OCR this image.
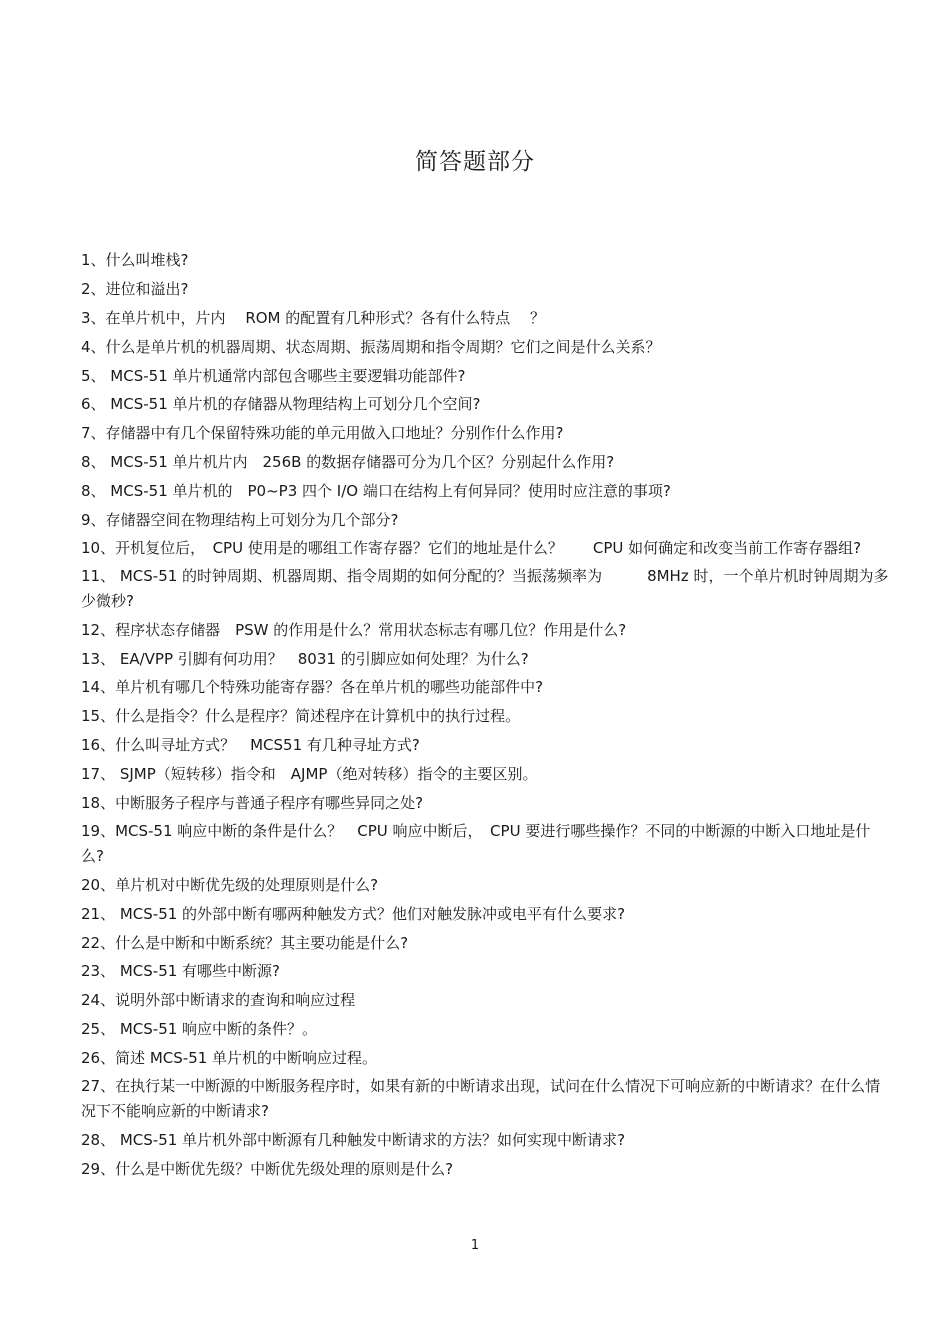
简答题部分
1、什么叫堆栈?
2、进位和溢出?
3、在单片机中，片内　 ROM 的配置有几种形式？各有什么特点　 ？
4、什么是单片机的机器周期、状态周期、振荡周期和指令周期？它们之间是什么关系？
5、 MCS-51 单片机通常内部包含哪些主要逻辑功能部件?
6、 MCS-51 单片机的存储器从物理结构上可划分几个空间?
7、存储器中有几个保留特殊功能的单元用做入口地址？分别作什么作用?
8、 MCS-51 单片机片内　256B 的数据存储器可分为几个区？分别起什么作用?
8、 MCS-51 单片机的　P0~P3 四个 I/O 端口在结构上有何异同？使用时应注意的事项?
9、存储器空间在物理结构上可划分为几个部分?
10、开机复位后，　CPU 使用是的哪组工作寄存器？它们的地址是什么？　　CPU 如何确定和改变当前工作寄存器组?
11、 MCS-51 的时钟周期、机器周期、指令周期的如何分配的？当振荡频率为　　　8MHz 时，一个单片机时钟周期为多少微秒?
12、程序状态存储器　PSW 的作用是什么？常用状态标志有哪几位？作用是什么?
13、 EA/VPP 引脚有何功用？　8031 的引脚应如何处理？为什么?
14、单片机有哪几个特殊功能寄存器？各在单片机的哪些功能部件中?
15、什么是指令？什么是程序？简述程序在计算机中的执行过程。
16、什么叫寻址方式？　MCS51 有几种寻址方式?
17、 SJMP（短转移）指令和　AJMP（绝对转移）指令的主要区别。
18、中断服务子程序与普通子程序有哪些异同之处?
19、MCS-51 响应中断的条件是什么？　CPU 响应中断后，　CPU 要进行哪些操作？不同的中断源的中断入口地址是什么?
20、单片机对中断优先级的处理原则是什么?
21、 MCS-51 的外部中断有哪两种触发方式？他们对触发脉冲或电平有什么要求?
22、什么是中断和中断系统？其主要功能是什么?
23、 MCS-51 有哪些中断源?
24、说明外部中断请求的查询和响应过程
25、 MCS-51 响应中断的条件？。
26、简述 MCS-51 单片机的中断响应过程。
27、在执行某一中断源的中断服务程序时，如果有新的中断请求出现，试问在什么情况下可响应新的中断请求？在什么情况下不能响应新的中断请求?
28、 MCS-51 单片机外部中断源有几种触发中断请求的方法？如何实现中断请求?
29、什么是中断优先级？中断优先级处理的原则是什么?
1
